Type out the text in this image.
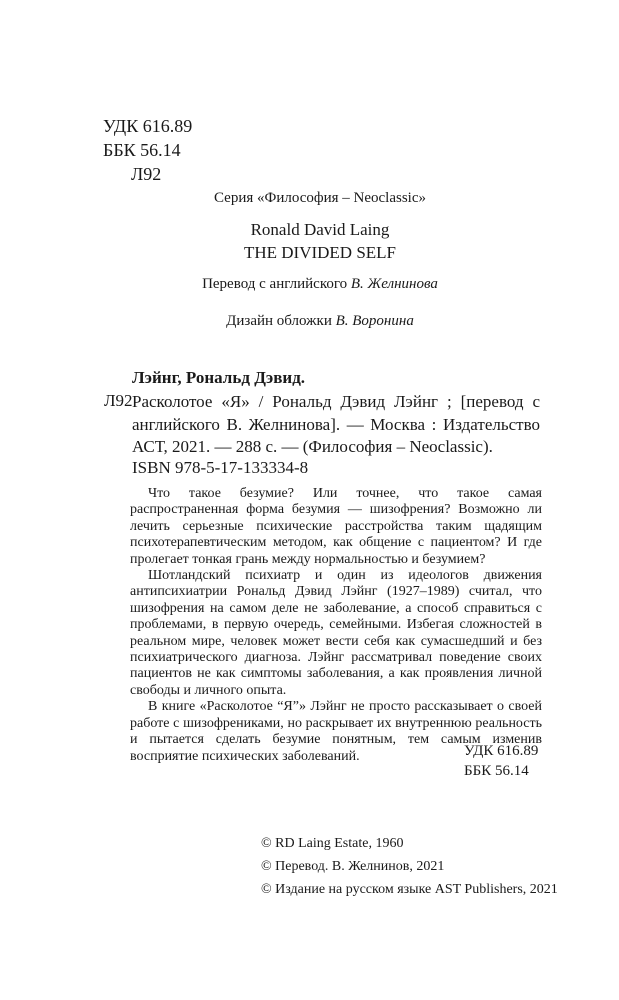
УДК 616.89
ББК 56.14
Л92
Серия «Философия – Neoclassic»
Ronald David Laing
THE DIVIDED SELF
Перевод с английского В. Желнинова
Дизайн обложки В. Воронина
Лэйнг, Рональд Дэвид.
Л92 Расколотое «Я» / Рональд Дэвид Лэйнг ; [перевод с английского В. Желнинова]. — Москва : Издательство АСТ, 2021. — 288 с. — (Философия – Neoclassic).
ISBN 978-5-17-133334-8

Что такое безумие? Или точнее, что такое самая распространенная форма безумия — шизофрения? Возможно ли лечить серьезные психические расстройства таким щадящим психотерапевтическим методом, как общение с пациентом? И где пролегает тонкая грань между нормальностью и безумием?

Шотландский психиатр и один из идеологов движения антипсихиатрии Рональд Дэвид Лэйнг (1927–1989) считал, что шизофрения на самом деле не заболевание, а способ справиться с проблемами, в первую очередь, семейными. Избегая сложностей в реальном мире, человек может вести себя как сумасшедший и без психиатрического диагноза. Лэйнг рассматривал поведение своих пациентов не как симптомы заболевания, а как проявления личной свободы и личного опыта.

В книге «Расколотое “Я”» Лэйнг не просто рассказывает о своей работе с шизофрениками, но раскрывает их внутреннюю реальность и пытается сделать безумие понятным, тем самым изменив восприятие психических заболеваний.	УДК 616.89
ББК 56.14
© RD Laing Estate, 1960
© Перевод. В. Желнинов, 2021
© Издание на русском языке AST Publishers, 2021
